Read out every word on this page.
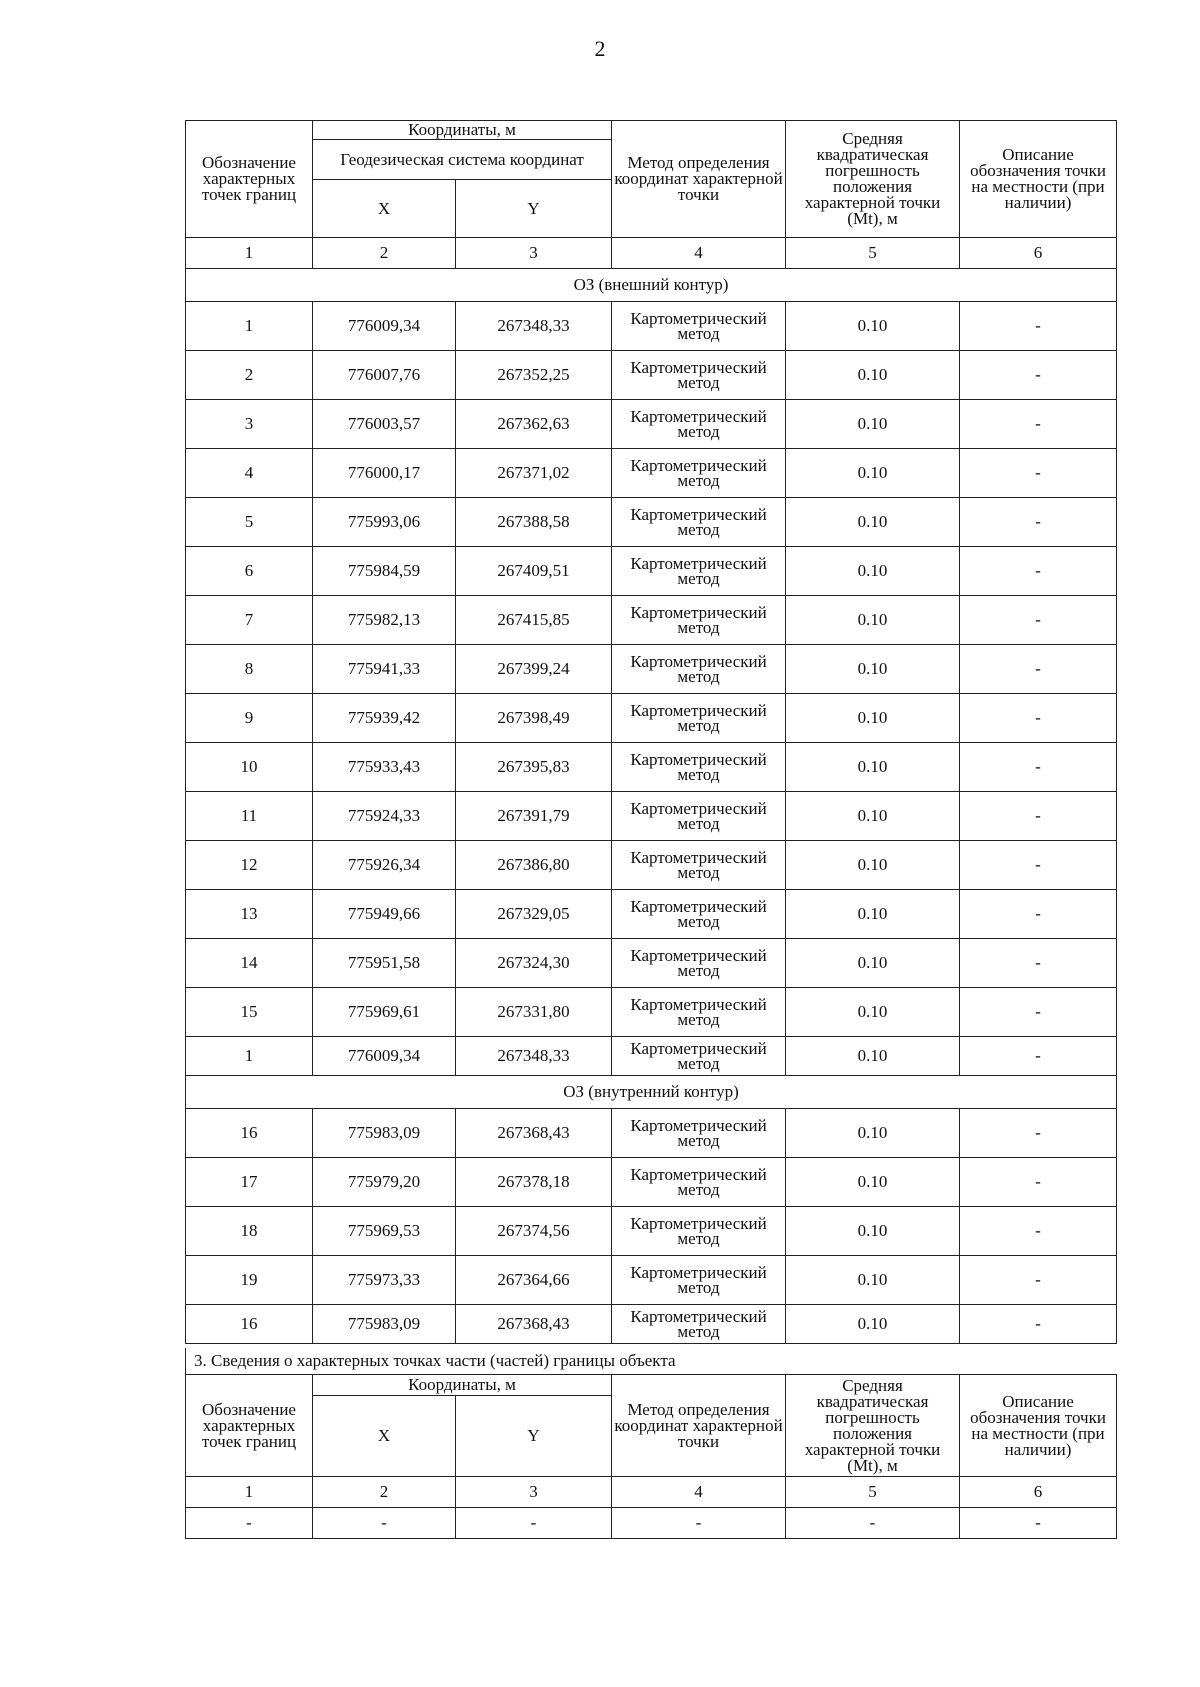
2
Обозначение характерных точек границ	Координаты, м		Метод определения координат характерной точки	Средняя квадратическая погрешность положения характерной точки (Mt), м	Описание обозначения точки на местности (при наличии)
	Геодезическая система координат				
	X	Y			
1	2	3	4	5	6
ОЗ (внешний контур)					
1	776009,34	267348,33	Картометрический метод	0.10	-
2	776007,76	267352,25	Картометрический метод	0.10	-
3	776003,57	267362,63	Картометрический метод	0.10	-
4	776000,17	267371,02	Картометрический метод	0.10	-
5	775993,06	267388,58	Картометрический метод	0.10	-
6	775984,59	267409,51	Картометрический метод	0.10	-
7	775982,13	267415,85	Картометрический метод	0.10	-
8	775941,33	267399,24	Картометрический метод	0.10	-
9	775939,42	267398,49	Картометрический метод	0.10	-
10	775933,43	267395,83	Картометрический метод	0.10	-
11	775924,33	267391,79	Картометрический метод	0.10	-
12	775926,34	267386,80	Картометрический метод	0.10	-
13	775949,66	267329,05	Картометрический метод	0.10	-
14	775951,58	267324,30	Картометрический метод	0.10	-
15	775969,61	267331,80	Картометрический метод	0.10	-
1	776009,34	267348,33	Картометрический метод	0.10	-
ОЗ (внутренний контур)					
16	775983,09	267368,43	Картометрический метод	0.10	-
17	775979,20	267378,18	Картометрический метод	0.10	-
18	775969,53	267374,56	Картометрический метод	0.10	-
19	775973,33	267364,66	Картометрический метод	0.10	-
16	775983,09	267368,43	Картометрический метод	0.10	-
3. Сведения о характерных точках части (частей) границы объекта					
Обозначение характерных точек границ	Координаты, м		Метод определения координат характерной точки	Средняя квадратическая погрешность положения характерной точки (Mt), м	Описание обозначения точки на местности (при наличии)
	X	Y			
1	2	3	4	5	6
-	-	-	-	-	-
